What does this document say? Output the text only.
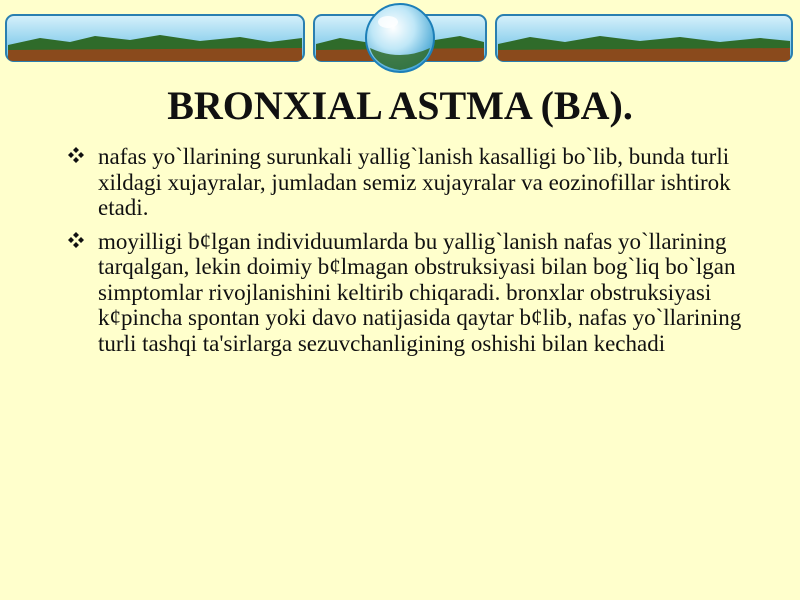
BRONXIAL ASTMA (BA).
nafas yo`llarining surunkali yallig`lanish kasalligi bo`lib, bunda turli xildagi xujayralar, jumladan semiz xujayralar va eozinofillar ishtirok etadi.
moyilligi b¢lgan individuumlarda bu yallig`lanish nafas yo`llarining tarqalgan, lekin doimiy b¢lmagan obstruksiyasi bilan bog`liq bo`lgan simptomlar rivojlanishini keltirib chiqaradi. bronxlar obstruksiyasi k¢pincha spontan yoki davo natijasida qaytar b¢lib, nafas yo`llarining turli tashqi ta'sirlarga sezuvchanligining oshishi bilan kechadi
